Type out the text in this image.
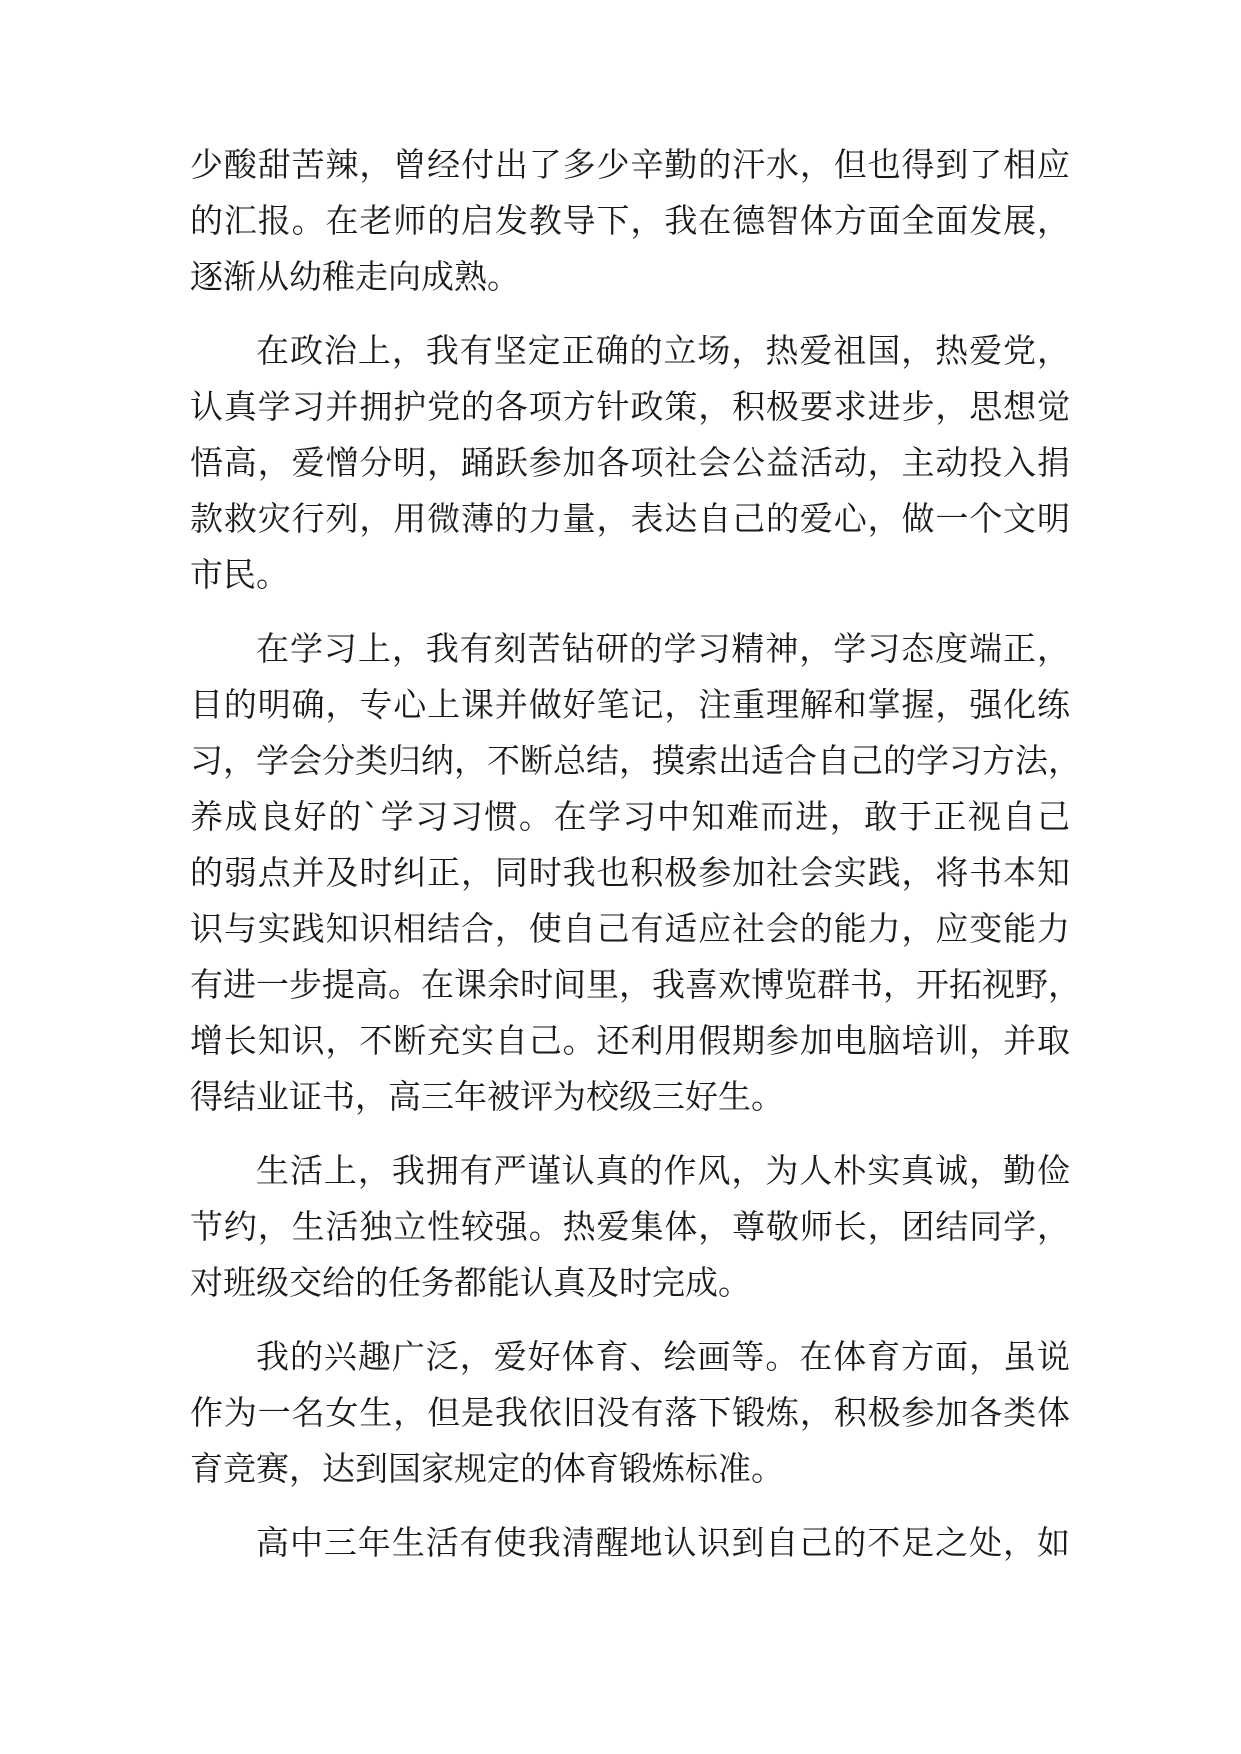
少酸甜苦辣，曾经付出了多少辛勤的汗水，但也得到了相应
的汇报。在老师的启发教导下，我在德智体方面全面发展，
逐渐从幼稚走向成熟。
在政治上，我有坚定正确的立场，热爱祖国，热爱党，
认真学习并拥护党的各项方针政策，积极要求进步，思想觉
悟高，爱憎分明，踊跃参加各项社会公益活动，主动投入捐
款救灾行列，用微薄的力量，表达自己的爱心，做一个文明
市民。
在学习上，我有刻苦钻研的学习精神，学习态度端正，
目的明确，专心上课并做好笔记，注重理解和掌握，强化练
习，学会分类归纳，不断总结，摸索出适合自己的学习方法，
养成良好的`学习习惯。在学习中知难而进，敢于正视自己
的弱点并及时纠正，同时我也积极参加社会实践，将书本知
识与实践知识相结合，使自己有适应社会的能力，应变能力
有进一步提高。在课余时间里，我喜欢博览群书，开拓视野，
增长知识，不断充实自己。还利用假期参加电脑培训，并取
得结业证书，高三年被评为校级三好生。
生活上，我拥有严谨认真的作风，为人朴实真诚，勤俭
节约，生活独立性较强。热爱集体，尊敬师长，团结同学，
对班级交给的任务都能认真及时完成。
我的兴趣广泛，爱好体育、绘画等。在体育方面，虽说
作为一名女生，但是我依旧没有落下锻炼，积极参加各类体
育竞赛，达到国家规定的体育锻炼标准。
高中三年生活有使我清醒地认识到自己的不足之处，如
